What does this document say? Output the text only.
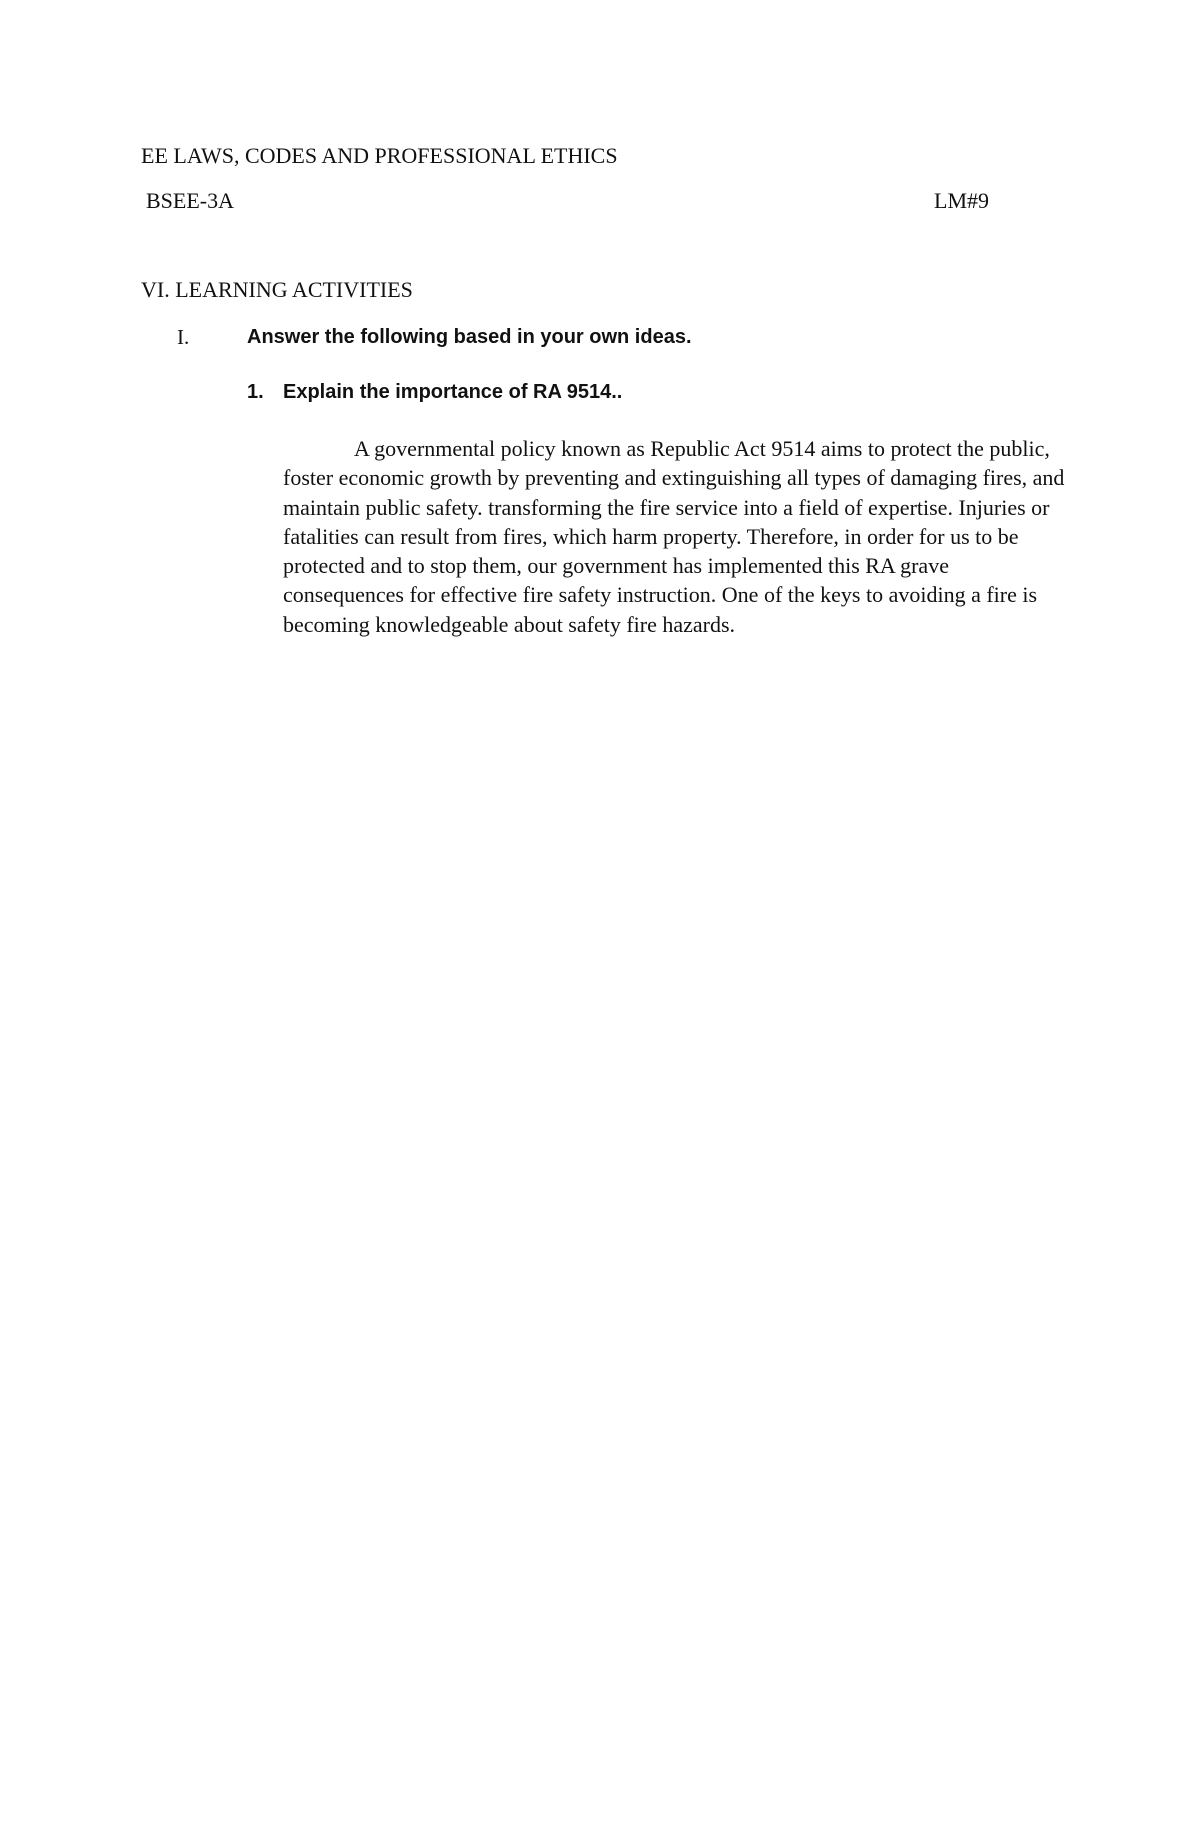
EE LAWS, CODES AND PROFESSIONAL ETHICS
BSEE-3A	LM#9
VI. LEARNING ACTIVITIES
I.	Answer the following based in your own ideas.
1. Explain the importance of RA 9514..

A governmental policy known as Republic Act 9514 aims to protect the public, foster economic growth by preventing and extinguishing all types of damaging fires, and maintain public safety. transforming the fire service into a field of expertise. Injuries or fatalities can result from fires, which harm property. Therefore, in order for us to be protected and to stop them, our government has implemented this RA grave consequences for effective fire safety instruction. One of the keys to avoiding a fire is becoming knowledgeable about safety fire hazards.
